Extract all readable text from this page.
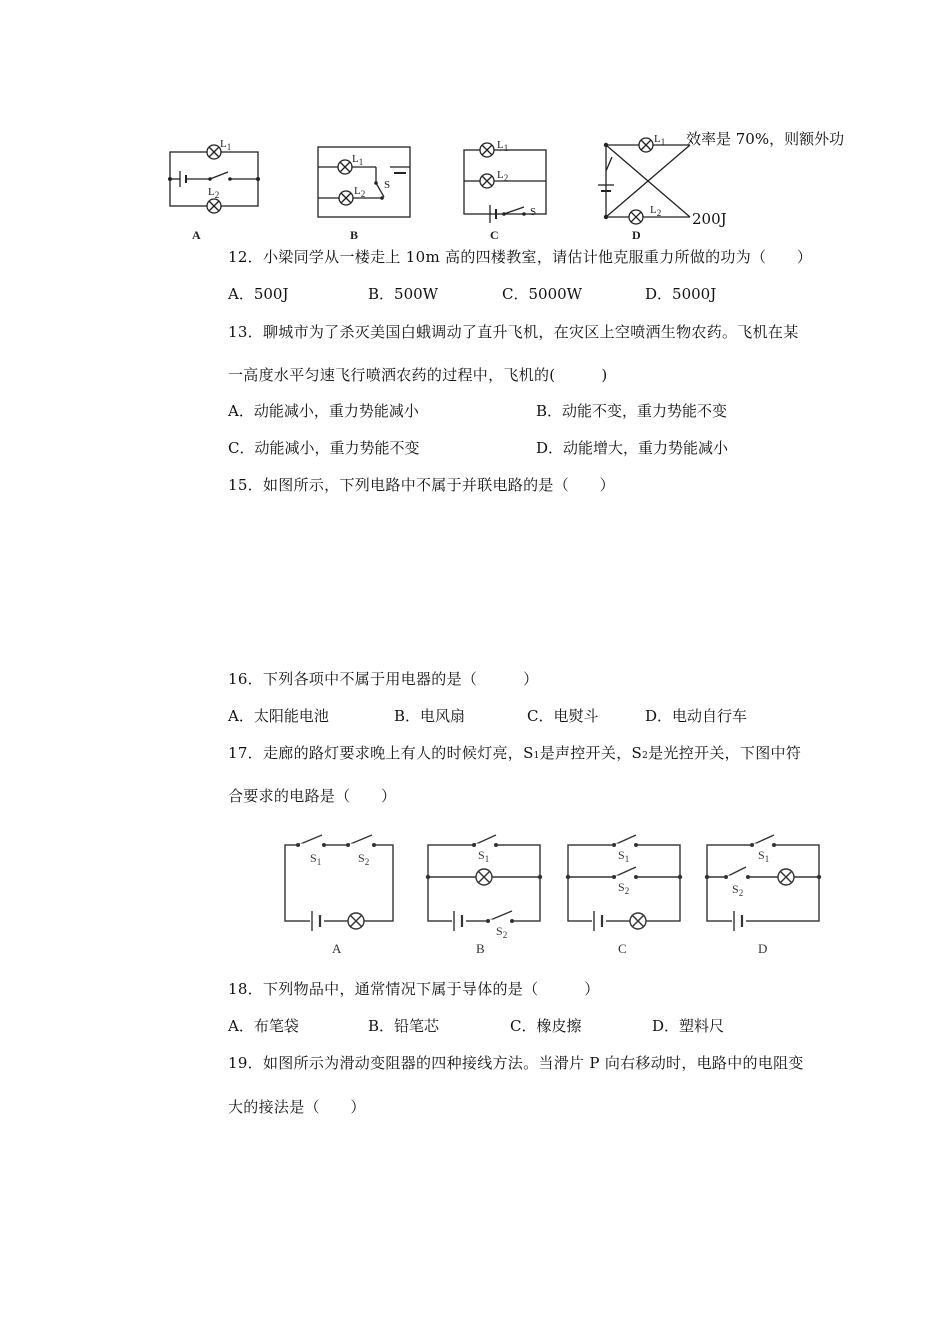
效率是 70%，则额外功
200J
$L_1$
$L_2$
$L_1$
$L_2$
S
$L_1$
$L_2$
S
$L_1$
$L_2$
A	B	C	D
12．小梁同学从一楼走上 10m 高的四楼教室，请估计他克服重力所做的功为（　　）
A．500J	B．500W	C．5000W	D．5000J
13．聊城市为了杀灭美国白蛾调动了直升飞机，在灾区上空喷洒生物农药。飞机在某
一高度水平匀速飞行喷洒农药的过程中，飞机的(　　　)
A．动能减小，重力势能减小	B．动能不变，重力势能不变
C．动能减小，重力势能不变	D．动能增大，重力势能减小
15．如图所示，下列电路中不属于并联电路的是（　　）
16．下列各项中不属于用电器的是（　　　）
A．太阳能电池	B．电风扇	C．电熨斗	D．电动自行车
17．走廊的路灯要求晚上有人的时候灯亮，S1是声控开关，S2是光控开关，下图中符
合要求的电路是（　　）
$S_1$	$S_2$	$S_1$
$S_2$
$S_1$
$S_2$
$S_1$
$S_2$
A	B	C	D
18．下列物品中，通常情况下属于导体的是（　　　）
A．布笔袋	B．铅笔芯	C．橡皮擦	D．塑料尺
19．如图所示为滑动变阻器的四种接线方法。当滑片 P 向右移动时，电路中的电阻变
大的接法是（　　）
